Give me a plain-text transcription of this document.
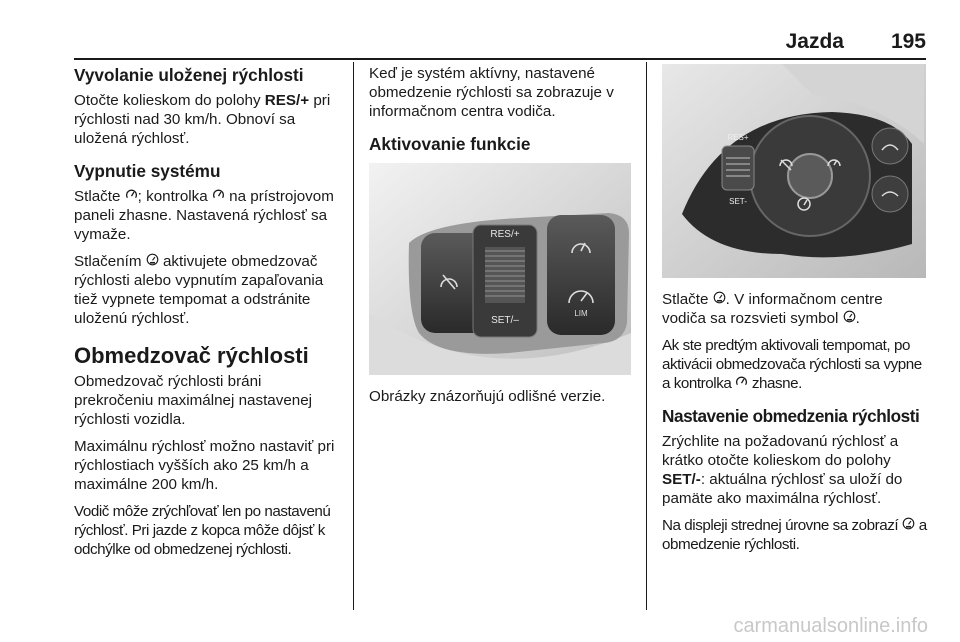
Jazda 195
Vyvolanie uloženej rýchlosti

Otočte kolieskom do polohy RES/+ pri rýchlosti nad 30 km/h. Obnoví sa uložená rýchlosť.

Vypnutie systému

Stlačte ; kontrolka  na prístrojovom paneli zhasne. Nastavená rýchlosť sa vymaže.

Stlačením  aktivujete obmedzovač rýchlosti alebo vypnutím zapaľovania tiež vypnete tempomat a odstránite uloženú rýchlosť.

Obmedzovač rýchlosti

Obmedzovač rýchlosti bráni prekročeniu maximálnej nastavenej rýchlosti vozidla.

Maximálnu rýchlosť možno nastaviť pri rýchlostiach vyšších ako 25 km/h a maximálne 200 km/h.

Vodič môže zrýchľovať len po nastavenú rýchlosť. Pri jazde z kopca môže dôjsť k odchýlke od obmedzenej rýchlosti.

Keď je systém aktívny, nastavené obmedzenie rýchlosti sa zobrazuje v informačnom centra vodiča.

Aktivovanie funkcie
RES/+
SET/–
LIM

Obrázky znázorňujú odlišné verzie.

RES+
SET-

Stlačte . V informačnom centre vodiča sa rozsvieti symbol .

Ak ste predtým aktivovali tempomat, po aktivácii obmedzovača rýchlosti sa vypne a kontrolka  zhasne.

Nastavenie obmedzenia rýchlosti

Zrýchlite na požadovanú rýchlosť a krátko otočte kolieskom do polohy SET/-: aktuálna rýchlosť sa uloží do pamäte ako maximálna rýchlosť.

Na displeji strednej úrovne sa zobrazí  a obmedzenie rýchlosti.

carmanualsonline.info
